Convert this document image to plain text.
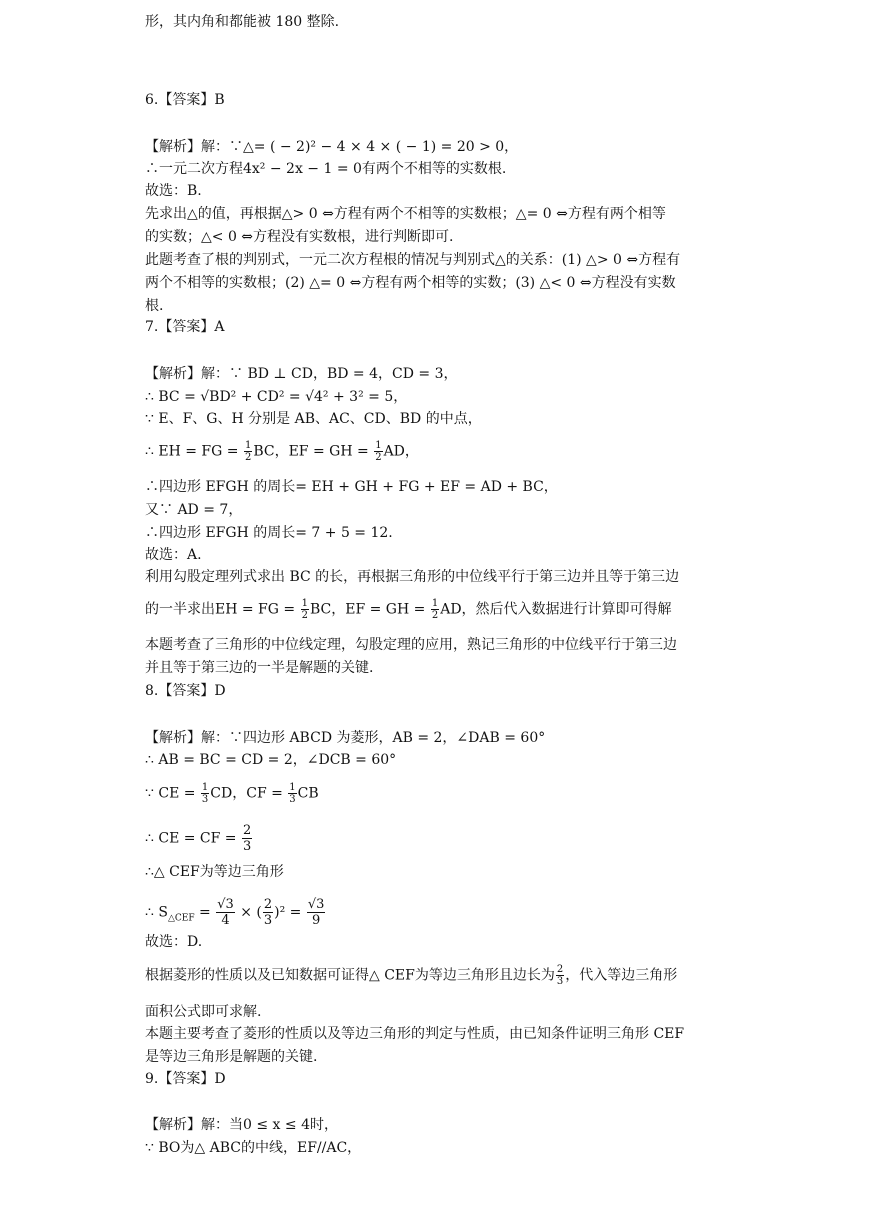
形，其内角和都能被 180 整除.
6.【答案】B
【解析】解：∵△= ( − 2)² − 4 × 4 × ( − 1) = 20 > 0，
∴一元二次方程4x² − 2x − 1 = 0有两个不相等的实数根.
故选：B.
先求出△的值，再根据△> 0 ⇔方程有两个不相等的实数根；△= 0 ⇔方程有两个相等
的实数；△< 0 ⇔方程没有实数根，进行判断即可.
此题考查了根的判别式，一元二次方程根的情况与判别式△的关系：(1) △> 0 ⇔方程有
两个不相等的实数根；(2) △= 0 ⇔方程有两个相等的实数；(3) △< 0 ⇔方程没有实数
根.
7.【答案】A
【解析】解：∵ BD ⊥ CD，BD = 4，CD = 3，
∴ BC = √BD² + CD² = √4² + 3² = 5，
∵ E、F、G、H 分别是 AB、AC、CD、BD 的中点，
∴ EH = FG = $\frac{1}{2}$ BC，EF = GH = $\frac{1}{2}$ AD，
∴四边形 EFGH 的周长= EH + GH + FG + EF = AD + BC，
又∵ AD = 7，
∴四边形 EFGH 的周长= 7 + 5 = 12.
故选：A.
利用勾股定理列式求出 BC 的长，再根据三角形的中位线平行于第三边并且等于第三边
的一半求出EH = FG = $\frac{1}{2}$ BC，EF = GH = $\frac{1}{2}$ AD，然后代入数据进行计算即可得解
本题考查了三角形的中位线定理，勾股定理的应用，熟记三角形的中位线平行于第三边
并且等于第三边的一半是解题的关键.
8.【答案】D
【解析】解：∵四边形 ABCD 为菱形，AB = 2，∠DAB = 60°
∴ AB = BC = CD = 2，∠DCB = 60°
∵ CE = $\frac{1}{3}$ CD，CF = $\frac{1}{3}$ CB
∴ CE = CF = $\frac{2}{3}$
∴△ CEF为等边三角形
∴ $S_{\triangle CEF} = \frac{√3}{4}$ × ( $\frac{2}{3} )^2 = \frac{√3}{9}$
故选：D.
根据菱形的性质以及已知数据可证得△ CEF为等边三角形且边长为 $\frac{2}{3}$ ，代入等边三角形
面积公式即可求解.
本题主要考查了菱形的性质以及等边三角形的判定与性质，由已知条件证明三角形 CEF
是等边三角形是解题的关键.
9.【答案】D
【解析】解：当0 ≤ x ≤ 4时，
∵ BO为△ ABC的中线，EF//AC，
